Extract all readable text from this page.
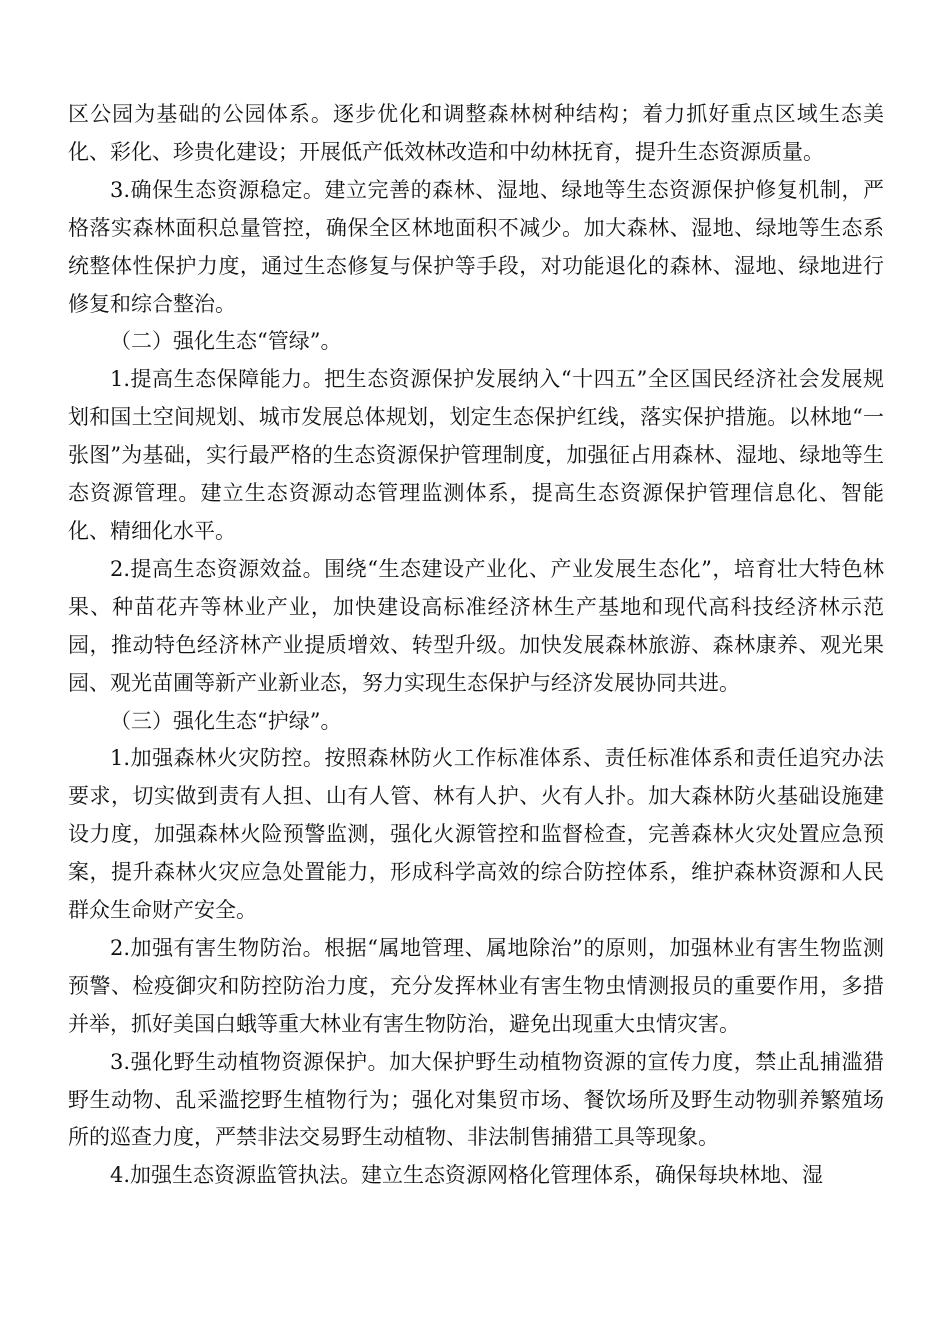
区公园为基础的公园体系。逐步优化和调整森林树种结构；着力抓好重点区域生态美化、彩化、珍贵化建设；开展低产低效林改造和中幼林抚育，提升生态资源质量。

3.确保生态资源稳定。建立完善的森林、湿地、绿地等生态资源保护修复机制，严格落实森林面积总量管控，确保全区林地面积不减少。加大森林、湿地、绿地等生态系统整体性保护力度，通过生态修复与保护等手段，对功能退化的森林、湿地、绿地进行修复和综合整治。

（二）强化生态“管绿”。

1.提高生态保障能力。把生态资源保护发展纳入“十四五”全区国民经济社会发展规划和国土空间规划、城市发展总体规划，划定生态保护红线，落实保护措施。以林地“一张图”为基础，实行最严格的生态资源保护管理制度，加强征占用森林、湿地、绿地等生态资源管理。建立生态资源动态管理监测体系，提高生态资源保护管理信息化、智能化、精细化水平。

2.提高生态资源效益。围绕“生态建设产业化、产业发展生态化”，培育壮大特色林果、种苗花卉等林业产业，加快建设高标准经济林生产基地和现代高科技经济林示范园，推动特色经济林产业提质增效、转型升级。加快发展森林旅游、森林康养、观光果园、观光苗圃等新产业新业态，努力实现生态保护与经济发展协同共进。

（三）强化生态“护绿”。

1.加强森林火灾防控。按照森林防火工作标准体系、责任标准体系和责任追究办法要求，切实做到责有人担、山有人管、林有人护、火有人扑。加大森林防火基础设施建设力度，加强森林火险预警监测，强化火源管控和监督检查，完善森林火灾处置应急预案，提升森林火灾应急处置能力，形成科学高效的综合防控体系，维护森林资源和人民群众生命财产安全。

2.加强有害生物防治。根据“属地管理、属地除治”的原则，加强林业有害生物监测预警、检疫御灾和防控防治力度，充分发挥林业有害生物虫情测报员的重要作用，多措并举，抓好美国白蛾等重大林业有害生物防治，避免出现重大虫情灾害。

3.强化野生动植物资源保护。加大保护野生动植物资源的宣传力度，禁止乱捕滥猎野生动物、乱采滥挖野生植物行为；强化对集贸市场、餐饮场所及野生动物驯养繁殖场所的巡查力度，严禁非法交易野生动植物、非法制售捕猎工具等现象。

4.加强生态资源监管执法。建立生态资源网格化管理体系，确保每块林地、湿
